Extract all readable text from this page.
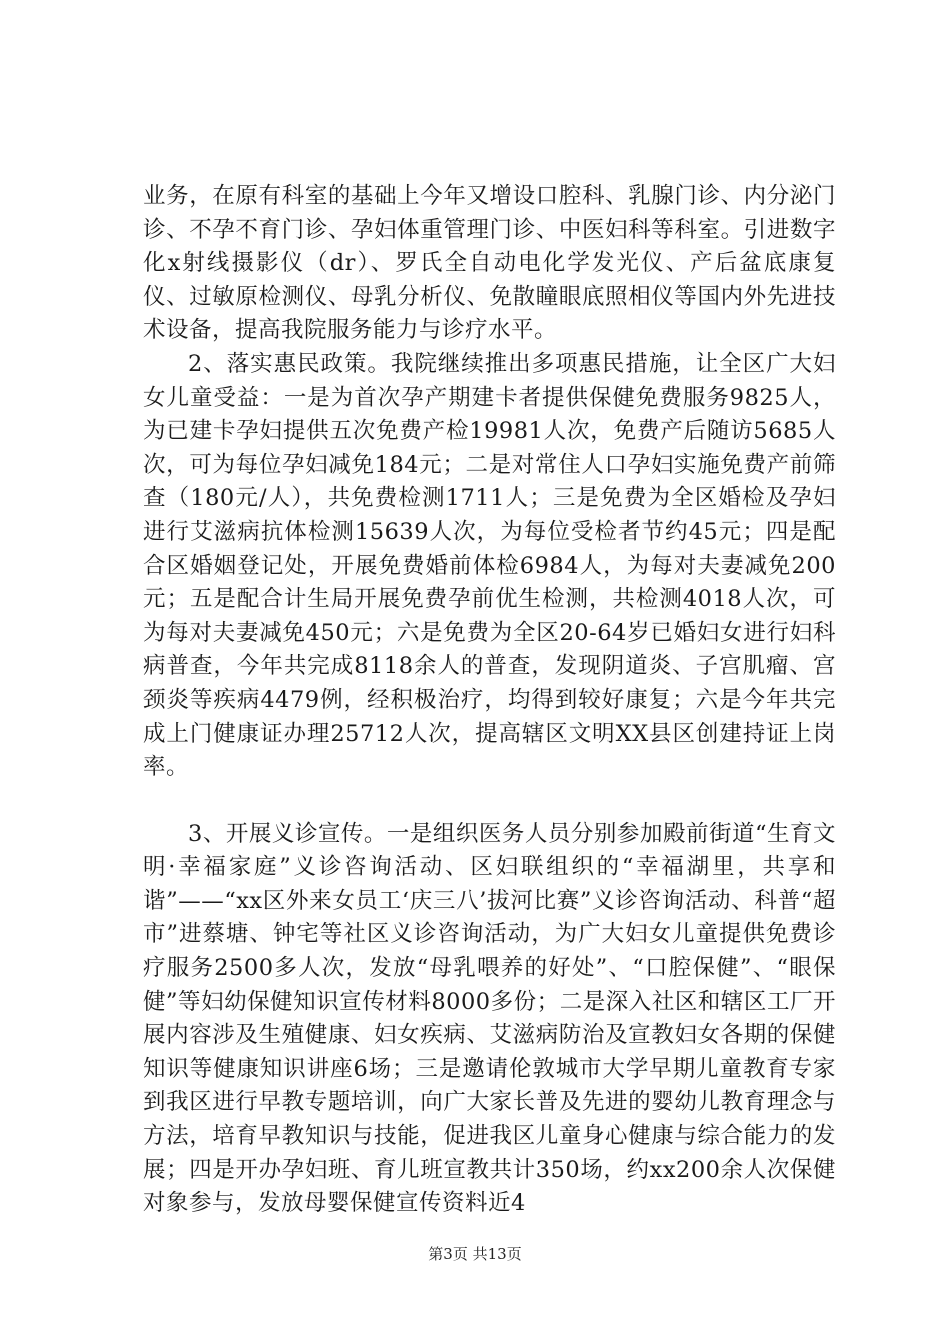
业务，在原有科室的基础上今年又增设口腔科、乳腺门诊、内分泌门诊、不孕不育门诊、孕妇体重管理门诊、中医妇科等科室。引进数字化x射线摄影仪（dr）、罗氏全自动电化学发光仪、产后盆底康复仪、过敏原检测仪、母乳分析仪、免散瞳眼底照相仪等国内外先进技术设备，提高我院服务能力与诊疗水平。

2、落实惠民政策。我院继续推出多项惠民措施，让全区广大妇女儿童受益：一是为首次孕产期建卡者提供保健免费服务9825人，为已建卡孕妇提供五次免费产检19981人次，免费产后随访5685人次，可为每位孕妇减免184元；二是对常住人口孕妇实施免费产前筛查（180元/人），共免费检测1711人；三是免费为全区婚检及孕妇进行艾滋病抗体检测15639人次，为每位受检者节约45元；四是配合区婚姻登记处，开展免费婚前体检6984人，为每对夫妻减免200元；五是配合计生局开展免费孕前优生检测，共检测4018人次，可为每对夫妻减免450元；六是免费为全区20-64岁已婚妇女进行妇科病普查，今年共完成8118余人的普查，发现阴道炎、子宫肌瘤、宫颈炎等疾病4479例，经积极治疗，均得到较好康复；六是今年共完成上门健康证办理25712人次，提高辖区文明XX县区创建持证上岗率。

3、开展义诊宣传。一是组织医务人员分别参加殿前街道“生育文明·幸福家庭”义诊咨询活动、区妇联组织的“幸福湖里，共享和谐”——“xx区外来女员工‘庆三八’拔河比赛”义诊咨询活动、科普“超市”进蔡塘、钟宅等社区义诊咨询活动，为广大妇女儿童提供免费诊疗服务2500多人次，发放“母乳喂养的好处”、“口腔保健”、“眼保健”等妇幼保健知识宣传材料8000多份；二是深入社区和辖区工厂开展内容涉及生殖健康、妇女疾病、艾滋病防治及宣教妇女各期的保健知识等健康知识讲座6场；三是邀请伦敦城市大学早期儿童教育专家到我区进行早教专题培训，向广大家长普及先进的婴幼儿教育理念与方法，培育早教知识与技能，促进我区儿童身心健康与综合能力的发展；四是开办孕妇班、育儿班宣教共计350场，约xx200余人次保健对象参与，发放母婴保健宣传资料近4

第3页 共13页
